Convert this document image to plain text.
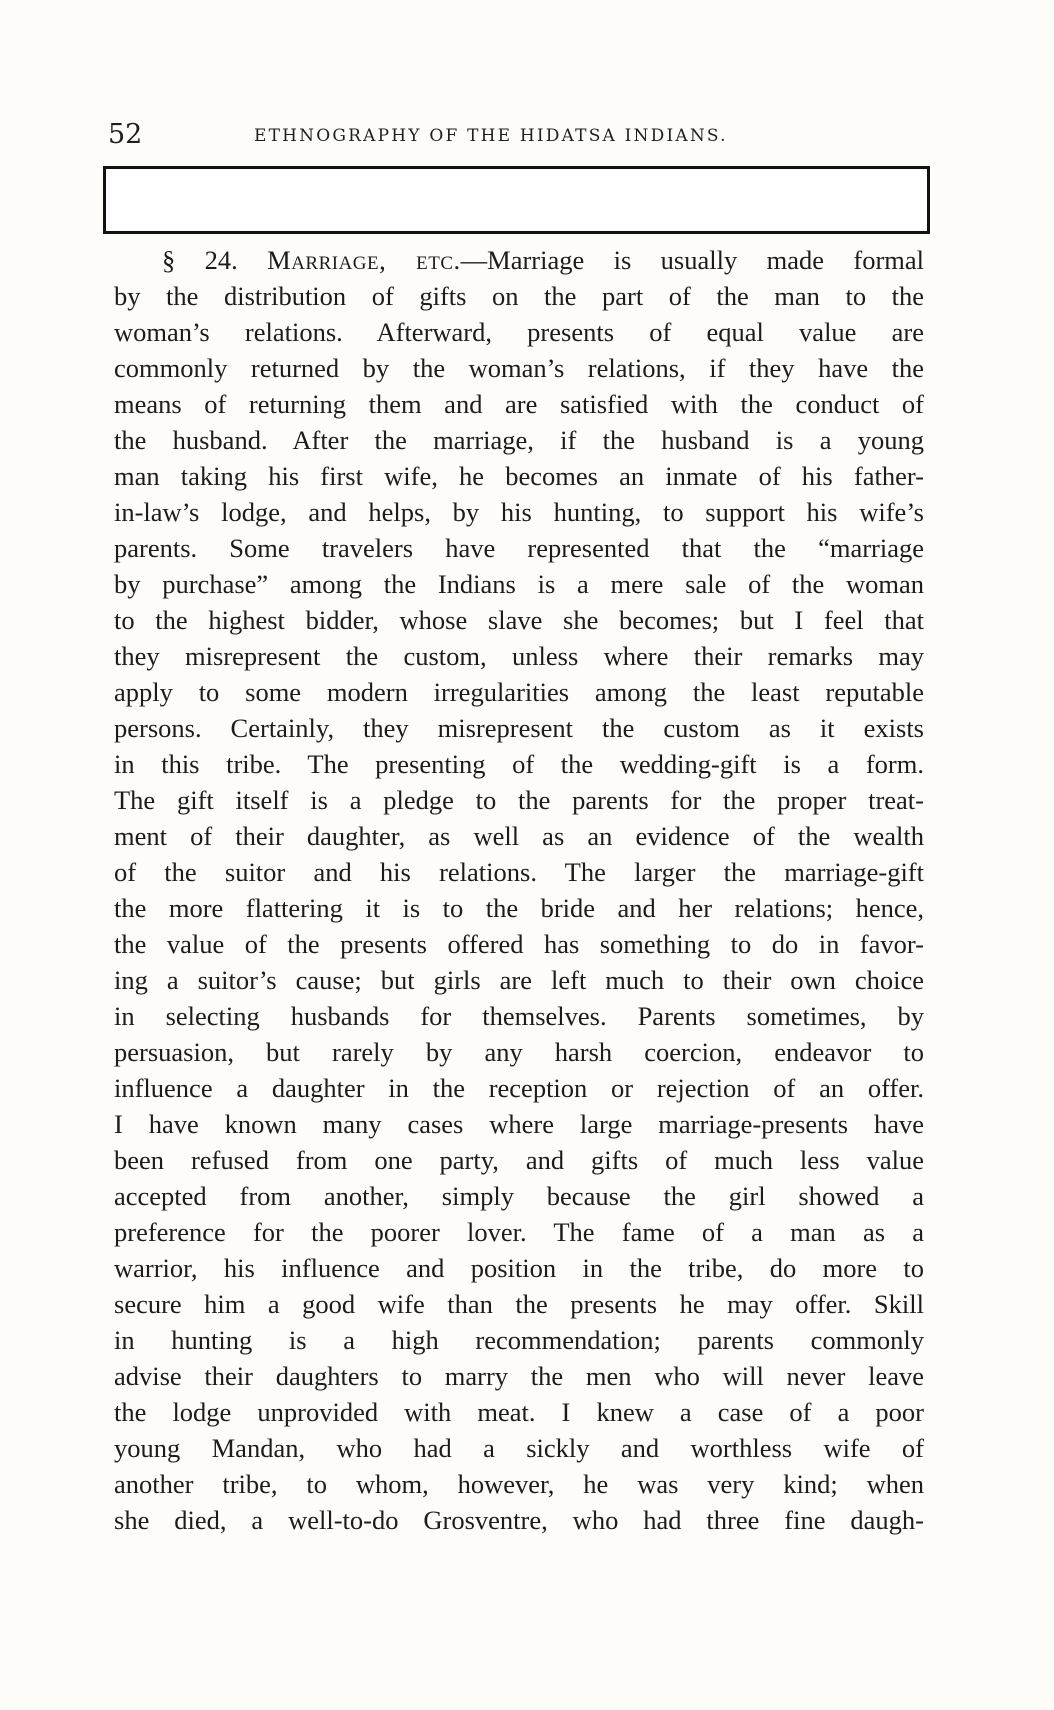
52	ETHNOGRAPHY OF THE HIDATSA INDIANS.
§ 24. Marriage, etc.—Marriage is usually made formal
by the distribution of gifts on the part of the man to the
woman’s relations. Afterward, presents of equal value are
commonly returned by the woman’s relations, if they have the
means of returning them and are satisfied with the conduct of
the husband. After the marriage, if the husband is a young
man taking his first wife, he becomes an inmate of his father-
in-law’s lodge, and helps, by his hunting, to support his wife’s
parents. Some travelers have represented that the “marriage
by purchase” among the Indians is a mere sale of the woman
to the highest bidder, whose slave she becomes; but I feel that
they misrepresent the custom, unless where their remarks may
apply to some modern irregularities among the least reputable
persons. Certainly, they misrepresent the custom as it exists
in this tribe. The presenting of the wedding-gift is a form.
The gift itself is a pledge to the parents for the proper treat-
ment of their daughter, as well as an evidence of the wealth
of the suitor and his relations. The larger the marriage-gift
the more flattering it is to the bride and her relations; hence,
the value of the presents offered has something to do in favor-
ing a suitor’s cause; but girls are left much to their own choice
in selecting husbands for themselves. Parents sometimes, by
persuasion, but rarely by any harsh coercion, endeavor to
influence a daughter in the reception or rejection of an offer.
I have known many cases where large marriage-presents have
been refused from one party, and gifts of much less value
accepted from another, simply because the girl showed a
preference for the poorer lover. The fame of a man as a
warrior, his influence and position in the tribe, do more to
secure him a good wife than the presents he may offer. Skill
in hunting is a high recommendation; parents commonly
advise their daughters to marry the men who will never leave
the lodge unprovided with meat. I knew a case of a poor
young Mandan, who had a sickly and worthless wife of
another tribe, to whom, however, he was very kind; when
she died, a well-to-do Grosventre, who had three fine daugh-
